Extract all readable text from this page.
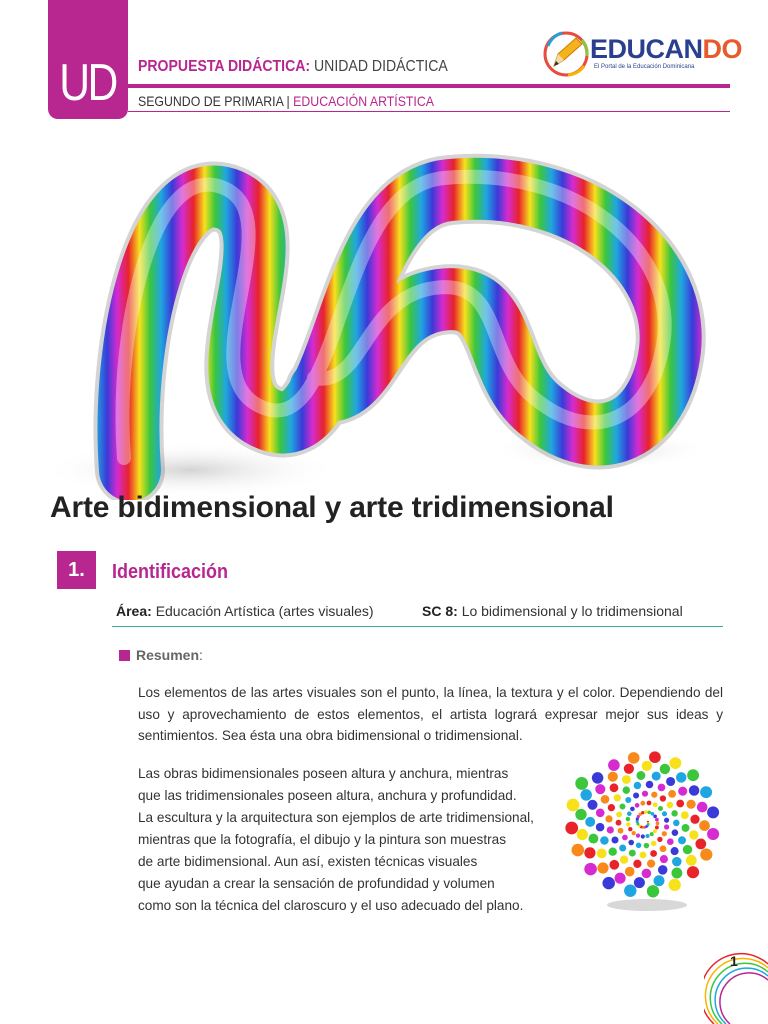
UD PROPUESTA DIDÁCTICA: UNIDAD DIDÁCTICA
SEGUNDO DE PRIMARIA | EDUCACIÓN ARTÍSTICA
EDUCANDO
El Portal de la Educación Dominicana
Arte bidimensional y arte tridimensional
1. Identificación
Área: Educación Artística (artes visuales)	SC 8: Lo bidimensional y lo tridimensional
Resumen:
Los elementos de las artes visuales son el punto, la línea, la textura y el color. Dependiendo del uso y aprovechamiento de estos elementos, el artista logrará expresar mejor sus ideas y sentimientos. Sea ésta una obra bidimensional o tridimensional.
Las obras bidimensionales poseen altura y anchura, mientras
que las tridimensionales poseen altura, anchura y profundidad.
La escultura y la arquitectura son ejemplos de arte tridimensional,
mientras que la fotografía, el dibujo y la pintura son muestras
de arte bidimensional. Aun así, existen técnicas visuales
que ayudan a crear la sensación de profundidad y volumen
como son la técnica del claroscuro y el uso adecuado del plano.
1
